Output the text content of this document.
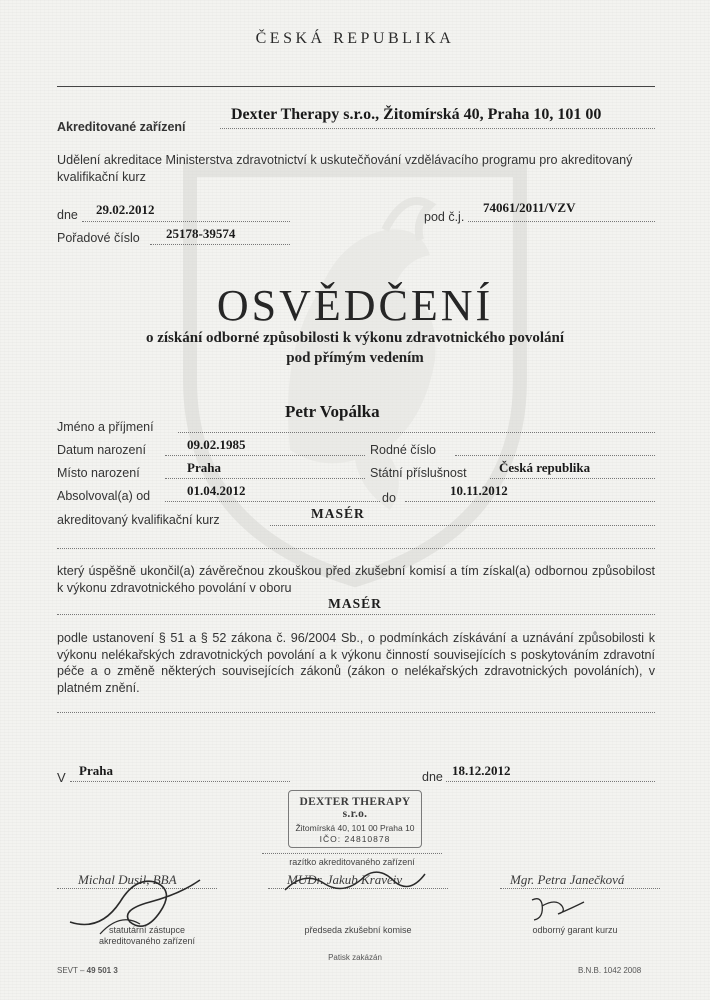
ČESKÁ REPUBLIKA
Akreditované zařízení
Dexter Therapy s.r.o., Žitomírská 40, Praha 10, 101 00
Udělení akreditace Ministerstva zdravotnictví k uskutečňování vzdělávacího programu pro akreditovaný kvalifikační kurz
dne 29.02.2012	pod č.j.
74061/2011/VZV
Pořadové číslo 25178-39574
OSVĚDČENÍ
o získání odborné způsobilosti k výkonu zdravotnického povolání
pod přímým vedením
Jméno a příjmení
Petr Vopálka
Datum narození	09.02.1985	Rodné číslo
Místo narození	Praha	Státní příslušnost Česká republika
Absolvoval(a) od	01.04.2012	do	10.11.2012
akreditovaný kvalifikační kurz	MASÉR
který úspěšně ukončil(a) závěrečnou zkouškou před zkušební komisí a tím získal(a) odbornou způsobilost k výkonu zdravotnického povolání v oboru
MASÉR
podle ustanovení § 51 a § 52 zákona č. 96/2004 Sb., o podmínkách získávání a uznávání způsobilosti k výkonu nelékařských zdravotnických povolání a k výkonu činností souvisejících s poskytováním zdravotní péče a o změně některých souvisejících zákonů (zákon o nelékařských zdravotnických povoláních), v platném znění.
V Praha	dne 18.12.2012
DEXTER THERAPY s.r.o.
Žitomírská 40, 101 00 Praha 10
IČO: 24810878
razítko akreditovaného zařízení
Michal Dusil, BBA	MUDr. Jakub Kraveiv	Mgr. Petra Janečková
statutární zástupce
akreditovaného zařízení
předseda zkušební komise	odborný garant kurzu
SEVT – 49 501 3
Patisk zakázán
B.N.B. 1042 2008
